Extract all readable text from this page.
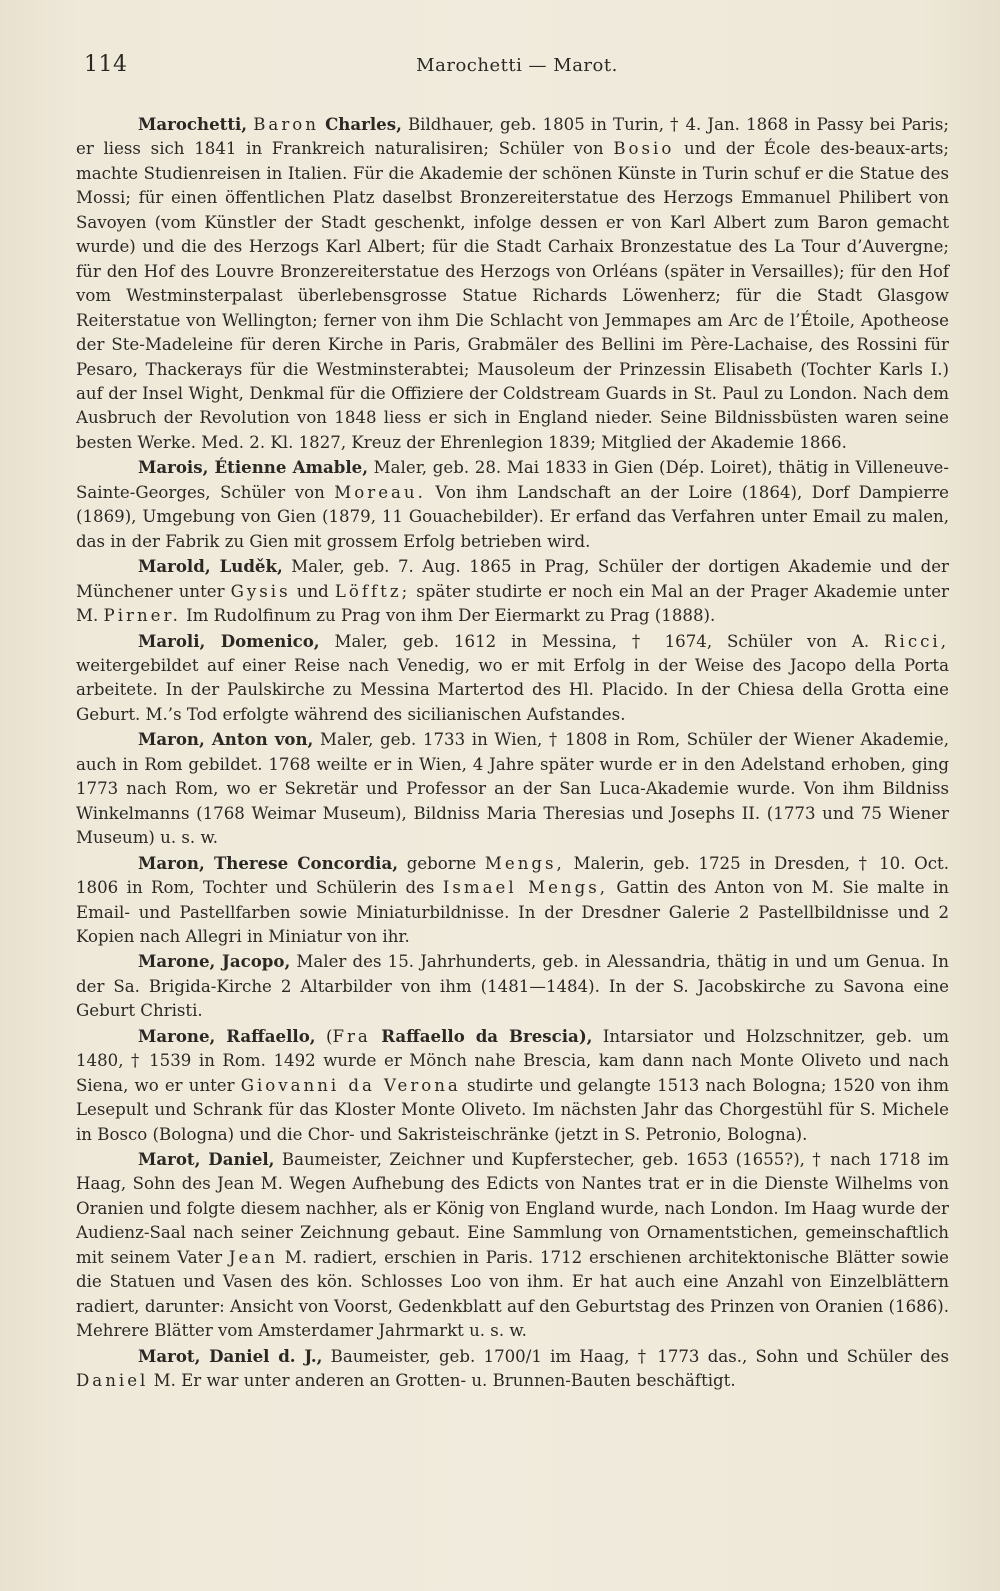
114	Marochetti — Marot.

Marochetti, Baron Charles, Bildhauer, geb. 1805 in Turin, † 4. Jan. 1868 in Passy bei Paris; er liess sich 1841 in Frankreich naturalisiren; Schüler von Bosio und der École des-beaux-arts; machte Studienreisen in Italien. Für die Akademie der schönen Künste in Turin schuf er die Statue des Mossi; für einen öffentlichen Platz daselbst Bronzereiterstatue des Herzogs Emmanuel Philibert von Savoyen (vom Künstler der Stadt geschenkt, infolge dessen er von Karl Albert zum Baron gemacht wurde) und die des Herzogs Karl Albert; für die Stadt Carhaix Bronzestatue des La Tour d’Auvergne; für den Hof des Louvre Bronzereiterstatue des Herzogs von Orléans (später in Versailles); für den Hof vom Westminsterpalast überlebensgrosse Statue Richards Löwenherz; für die Stadt Glasgow Reiterstatue von Wellington; ferner von ihm Die Schlacht von Jemmapes am Arc de l’Étoile, Apotheose der Ste-Madeleine für deren Kirche in Paris, Grabmäler des Bellini im Père-Lachaise, des Rossini für Pesaro, Thackerays für die Westminsterabtei; Mausoleum der Prinzessin Elisabeth (Tochter Karls I.) auf der Insel Wight, Denkmal für die Offiziere der Coldstream Guards in St. Paul zu London. Nach dem Ausbruch der Revolution von 1848 liess er sich in England nieder. Seine Bildnissbüsten waren seine besten Werke. Med. 2. Kl. 1827, Kreuz der Ehrenlegion 1839; Mitglied der Akademie 1866.

Marois, Étienne Amable, Maler, geb. 28. Mai 1833 in Gien (Dép. Loiret), thätig in Villeneuve-Sainte-Georges, Schüler von Moreau. Von ihm Landschaft an der Loire (1864), Dorf Dampierre (1869), Umgebung von Gien (1879, 11 Gouachebilder). Er erfand das Verfahren unter Email zu malen, das in der Fabrik zu Gien mit grossem Erfolg betrieben wird.

Marold, Luděk, Maler, geb. 7. Aug. 1865 in Prag, Schüler der dortigen Akademie und der Münchener unter Gysis und Löfftz; später studirte er noch ein Mal an der Prager Akademie unter M. Pirner. Im Rudolfinum zu Prag von ihm Der Eiermarkt zu Prag (1888).

Maroli, Domenico, Maler, geb. 1612 in Messina, † 1674, Schüler von A. Ricci, weitergebildet auf einer Reise nach Venedig, wo er mit Erfolg in der Weise des Jacopo della Porta arbeitete. In der Paulskirche zu Messina Martertod des Hl. Placido. In der Chiesa della Grotta eine Geburt. M.’s Tod erfolgte während des sicilianischen Aufstandes.

Maron, Anton von, Maler, geb. 1733 in Wien, † 1808 in Rom, Schüler der Wiener Akademie, auch in Rom gebildet. 1768 weilte er in Wien, 4 Jahre später wurde er in den Adelstand erhoben, ging 1773 nach Rom, wo er Sekretär und Professor an der San Luca-Akademie wurde. Von ihm Bildniss Winkelmanns (1768 Weimar Museum), Bildniss Maria Theresias und Josephs II. (1773 und 75 Wiener Museum) u. s. w.

Maron, Therese Concordia, geborne Mengs, Malerin, geb. 1725 in Dresden, † 10. Oct. 1806 in Rom, Tochter und Schülerin des Ismael Mengs, Gattin des Anton von M. Sie malte in Email- und Pastellfarben sowie Miniaturbildnisse. In der Dresdner Galerie 2 Pastellbildnisse und 2 Kopien nach Allegri in Miniatur von ihr.

Marone, Jacopo, Maler des 15. Jahrhunderts, geb. in Alessandria, thätig in und um Genua. In der Sa. Brigida-Kirche 2 Altarbilder von ihm (1481—1484). In der S. Jacobskirche zu Savona eine Geburt Christi.

Marone, Raffaello, (Fra Raffaello da Brescia), Intarsiator und Holzschnitzer, geb. um 1480, † 1539 in Rom. 1492 wurde er Mönch nahe Brescia, kam dann nach Monte Oliveto und nach Siena, wo er unter Giovanni da Verona studirte und gelangte 1513 nach Bologna; 1520 von ihm Lesepult und Schrank für das Kloster Monte Oliveto. Im nächsten Jahr das Chorgestühl für S. Michele in Bosco (Bologna) und die Chor- und Sakristeischränke (jetzt in S. Petronio, Bologna).

Marot, Daniel, Baumeister, Zeichner und Kupferstecher, geb. 1653 (1655?), † nach 1718 im Haag, Sohn des Jean M. Wegen Aufhebung des Edicts von Nantes trat er in die Dienste Wilhelms von Oranien und folgte diesem nachher, als er König von England wurde, nach London. Im Haag wurde der Audienz-Saal nach seiner Zeichnung gebaut. Eine Sammlung von Ornamentstichen, gemeinschaftlich mit seinem Vater Jean M. radiert, erschien in Paris. 1712 erschienen architektonische Blätter sowie die Statuen und Vasen des kön. Schlosses Loo von ihm. Er hat auch eine Anzahl von Einzelblättern radiert, darunter: Ansicht von Voorst, Gedenkblatt auf den Geburtstag des Prinzen von Oranien (1686). Mehrere Blätter vom Amsterdamer Jahrmarkt u. s. w.

Marot, Daniel d. J., Baumeister, geb. 1700/1 im Haag, † 1773 das., Sohn und Schüler des Daniel M. Er war unter anderen an Grotten- u. Brunnen-Bauten beschäftigt.
